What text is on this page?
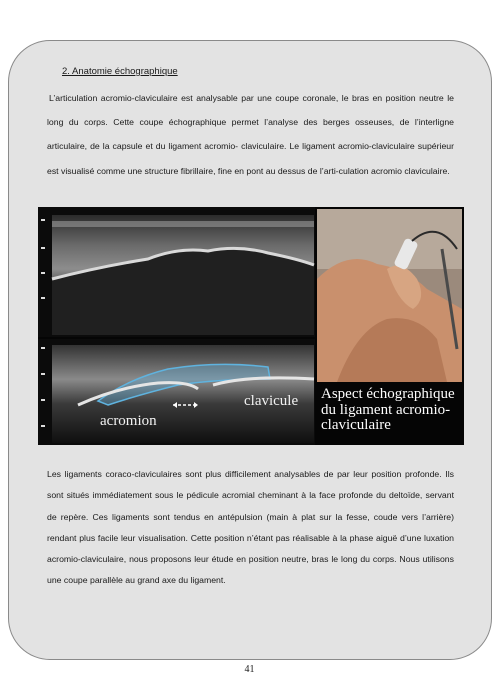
2. Anatomie échographique
L’articulation acromio-claviculaire est analysable par une coupe coronale, le bras en position neutre le long du corps. Cette coupe échographique permet l’analyse des berges osseuses, de l’interligne articulaire, de la capsule et du ligament acromio- claviculaire. Le ligament acromio-claviculaire supérieur est visualisé comme une structure fibrillaire, fine en pont au dessus de l’arti-culation acromio claviculaire.
Aspect échographique
du ligament acromio-
claviculaire
acromion
clavicule
Les ligaments coraco-claviculaires sont plus difficilement analysables de par leur position profonde. Ils sont situés immédiatement sous le pédicule acromial cheminant à la face profonde du deltoïde, servant de repère. Ces ligaments sont tendus en antépulsion (main à plat sur la fesse, coude vers l’arrière) rendant plus facile leur visualisation. Cette position n’étant pas réalisable à la phase aiguë d’une luxation acromio-claviculaire, nous proposons leur étude en position neutre, bras le long du corps. Nous utilisons une coupe parallèle au grand axe du ligament.
41
